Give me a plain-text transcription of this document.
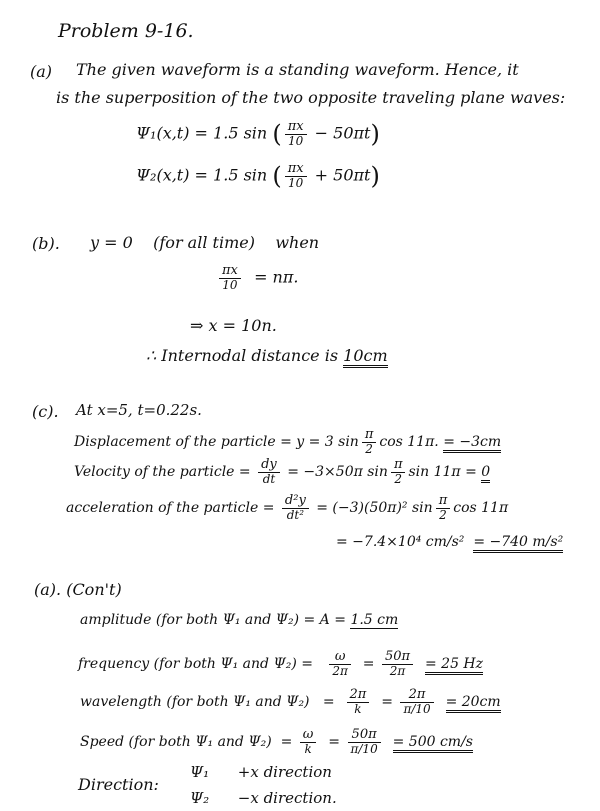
Problem 9-16.
(a) The given waveform is a standing waveform. Hence, it
is the superposition of the two opposite traveling plane waves:
Ψ₁(x,t) = 1.5 sin ( $\frac{\pi x}{10} - 50\pi t$)
Ψ₂(x,t) = 1.5 sin ( $\frac{\pi x}{10} + 50\pi t$)
(b). y = 0 (for all time) when
$\frac{\pi x}{10} = n\pi$.
⇒ x = 10n.
∴ Internodal distance is 10cm
(c). At x=5, t=0.22s.
Displacement of the particle = y = 3 $\sin \frac{\pi}{2}$ cos 11π. = −3cm
Velocity of the particle = $\frac{dy}{dt} = -3\times 50\pi$ $\sin \frac{\pi}{2}$ sin 11π = 0
acceleration of the particle = $\frac{\text{d²y}}{\text{dt²}} = (-3)(50\pi)^2$ $\sin \frac{\pi}{2}$ cos 11π
= −7.4×10⁴ cm/s² = −740 m/s²
(a). (Con't)
amplitude (for both Ψ₁ and Ψ₂) = A = 1.5 cm
frequency (for both Ψ₁ and $\Psi_2) = \frac{\omega}{2\pi} = \frac{50\pi}{2\pi} = 25$ Hz
wavelength (for both Ψ₁ and $\Psi_2) = \frac{2\pi}{k} = \frac{2\pi}{\pi/10} = 20cm$
Speed (for both Ψ₁ and $\Psi_2) = \frac{\omega}{k} = \frac{50\pi}{\pi/10} = 500$ cm/s
Direction:
Ψ₁ +x direction
Ψ₂ −x direction.
